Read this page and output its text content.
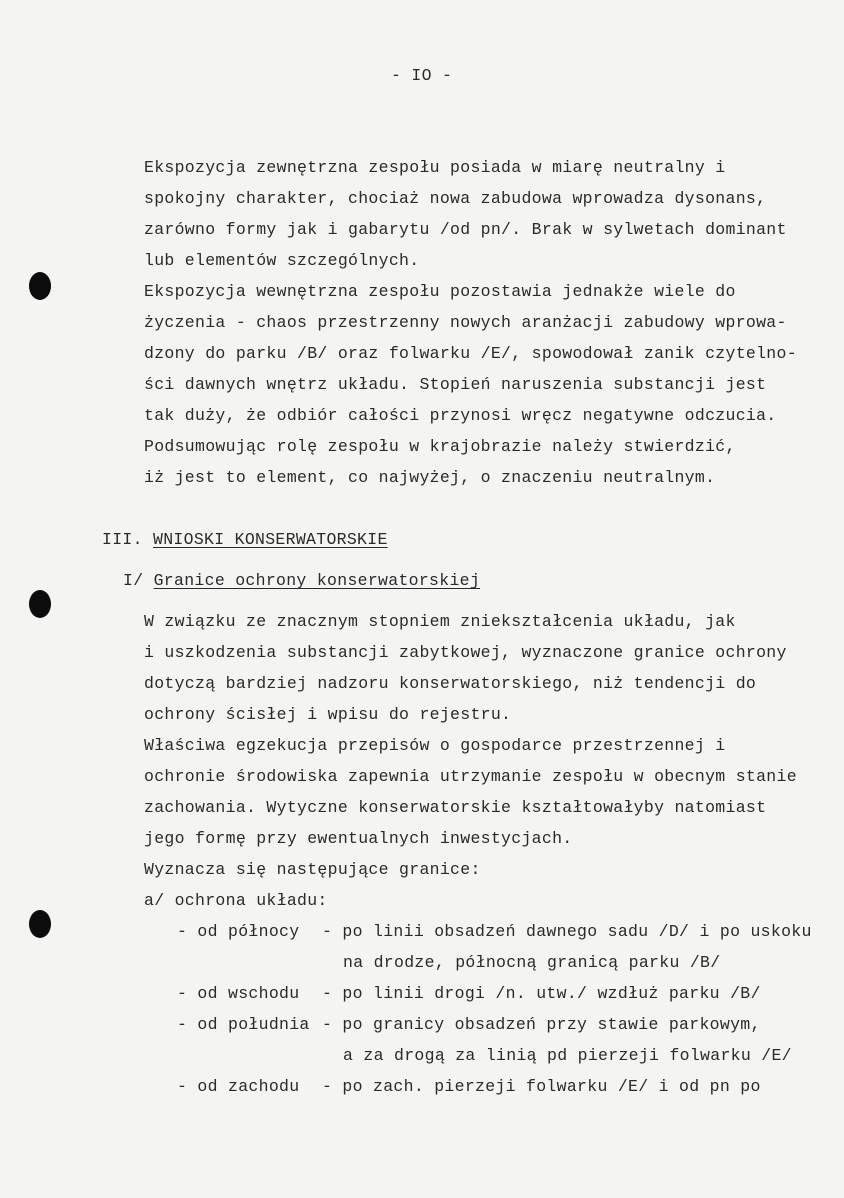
- IO -
Ekspozycja zewnętrzna zespołu posiada w miarę neutralny i
spokojny charakter, chociaż nowa zabudowa wprowadza dysonans,
zarówno formy jak i gabarytu /od pn/. Brak w sylwetach dominant
lub elementów szczególnych.
Ekspozycja wewnętrzna zespołu pozostawia jednakże wiele do
życzenia - chaos przestrzenny nowych aranżacji zabudowy wprowa-
dzony do parku /B/ oraz folwarku /E/, spowodował zanik czytelno-
ści dawnych wnętrz układu. Stopień naruszenia substancji jest
tak duży, że odbiór całości przynosi wręcz negatywne odczucia.
Podsumowując rolę zespołu w krajobrazie należy stwierdzić,
iż jest to element, co najwyżej, o znaczeniu neutralnym.
III. WNIOSKI KONSERWATORSKIE
I/ Granice ochrony konserwatorskiej
W związku ze znacznym stopniem zniekształcenia układu, jak
i uszkodzenia substancji zabytkowej, wyznaczone granice ochrony
dotyczą bardziej nadzoru konserwatorskiego, niż tendencji do
ochrony ścisłej i wpisu do rejestru.
Właściwa egzekucja przepisów o gospodarce przestrzennej i
ochronie środowiska zapewnia utrzymanie zespołu w obecnym stanie
zachowania. Wytyczne konserwatorskie kształtowałyby natomiast
jego formę przy ewentualnych inwestycjach.
Wyznacza się następujące granice:
a/ ochrona układu:
- od północy - po linii obsadzeń dawnego sadu /D/ i po uskoku
na drodze, północną granicą parku /B/
- od wschodu - po linii drogi /n. utw./ wzdłuż parku /B/
- od południa - po granicy obsadzeń przy stawie parkowym,
a za drogą za linią pd pierzeji folwarku /E/
- od zachodu - po zach. pierzeji folwarku /E/ i od pn po
